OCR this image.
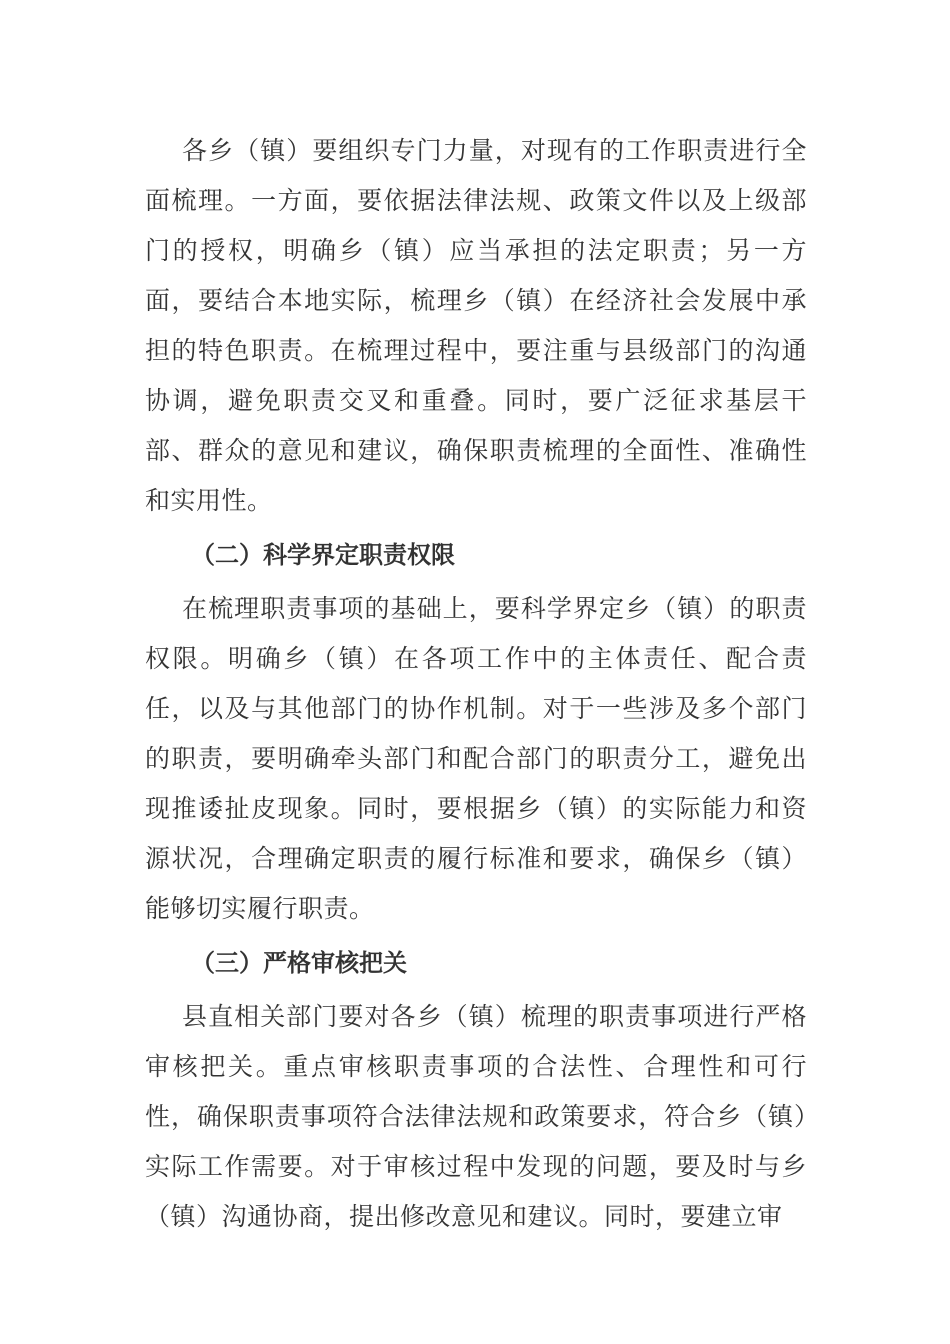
各乡（镇）要组织专门力量，对现有的工作职责进行全面梳理。一方面，要依据法律法规、政策文件以及上级部门的授权，明确乡（镇）应当承担的法定职责；另一方面，要结合本地实际，梳理乡（镇）在经济社会发展中承担的特色职责。在梳理过程中，要注重与县级部门的沟通协调，避免职责交叉和重叠。同时，要广泛征求基层干部、群众的意见和建议，确保职责梳理的全面性、准确性和实用性。

（二）科学界定职责权限

在梳理职责事项的基础上，要科学界定乡（镇）的职责权限。明确乡（镇）在各项工作中的主体责任、配合责任，以及与其他部门的协作机制。对于一些涉及多个部门的职责，要明确牵头部门和配合部门的职责分工，避免出现推诿扯皮现象。同时，要根据乡（镇）的实际能力和资源状况，合理确定职责的履行标准和要求，确保乡（镇）能够切实履行职责。

（三）严格审核把关

县直相关部门要对各乡（镇）梳理的职责事项进行严格审核把关。重点审核职责事项的合法性、合理性和可行性，确保职责事项符合法律法规和政策要求，符合乡（镇）实际工作需要。对于审核过程中发现的问题，要及时与乡（镇）沟通协商，提出修改意见和建议。同时，要建立审
